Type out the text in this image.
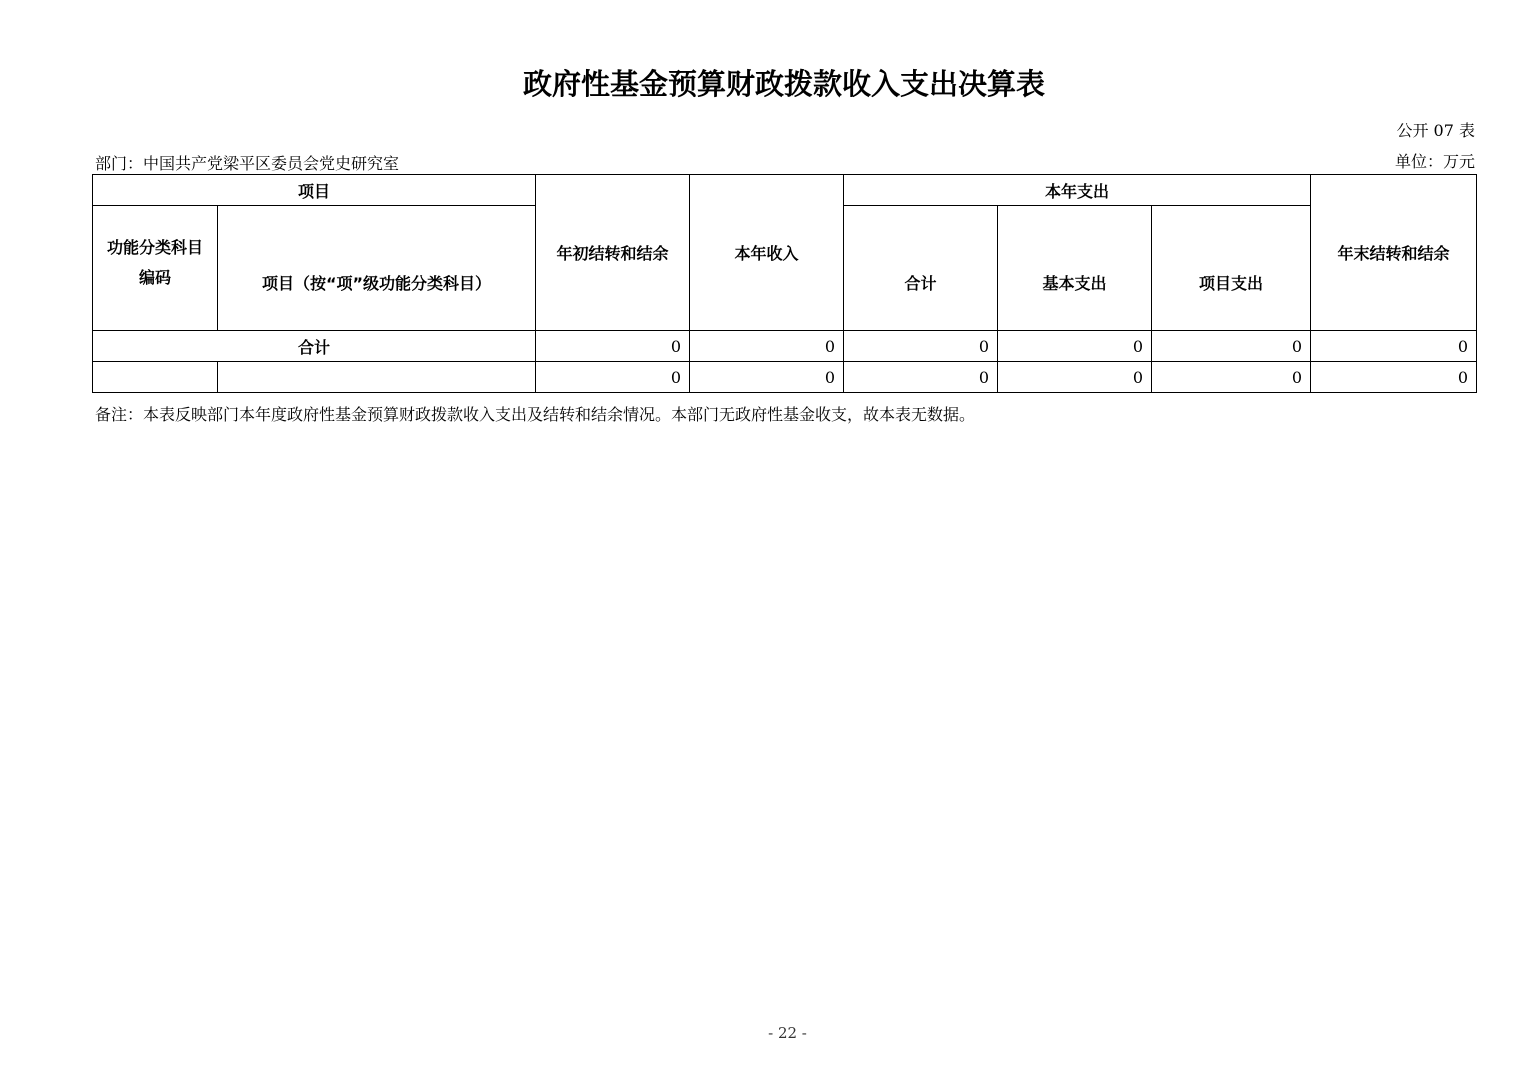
政府性基金预算财政拨款收入支出决算表
公开 07 表
部门：中国共产党梁平区委员会党史研究室	单位：万元
项目		年初结转和结余	本年收入	本年支出			年末结转和结余
功能分类科目编码	项目（按“项”级功能分类科目）			合计	基本支出	项目支出	
合计		0	0	0	0	0	0
		0	0	0	0	0	0
备注：本表反映部门本年度政府性基金预算财政拨款收入支出及结转和结余情况。本部门无政府性基金收支，故本表无数据。
- 22 -
